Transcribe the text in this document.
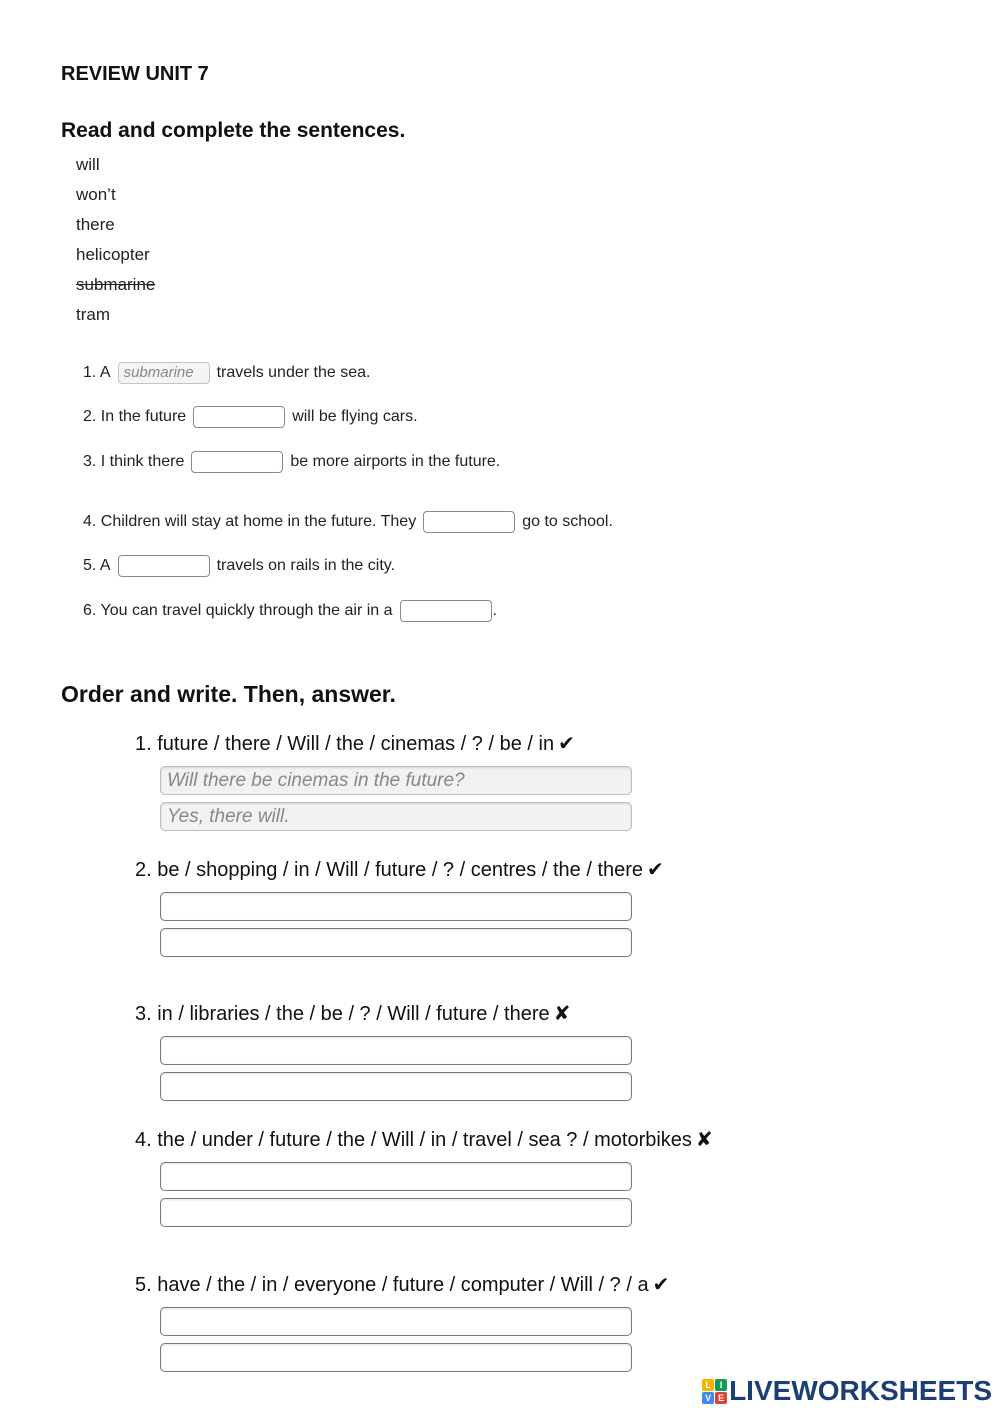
REVIEW UNIT 7
Read and complete the sentences.
will
won’t
there
helicopter
submarine
tram
1. A submarine	travels under the sea.
2. In the future	will be flying cars.
3. I think there	be more airports in the future.
4. Children will stay at home in the future. They	go to school.
5. A	travels on rails in the city.
6. You can travel quickly through the air in a	.
Order and write. Then, answer.
1. future / there / Will / the / cinemas / ? / be / in ✔
Will there be cinemas in the future?
Yes, there will.
2. be / shopping / in / Will / future / ? / centres / the / there ✔
3. in / libraries / the / be / ? / Will / future / there ✘
4. the / under / future / the / Will / in / travel / sea ? / motorbikes ✘
5. have / the / in / everyone / future / computer / Will / ? / a ✔
L I
V E LIVEWORKSHEETS
